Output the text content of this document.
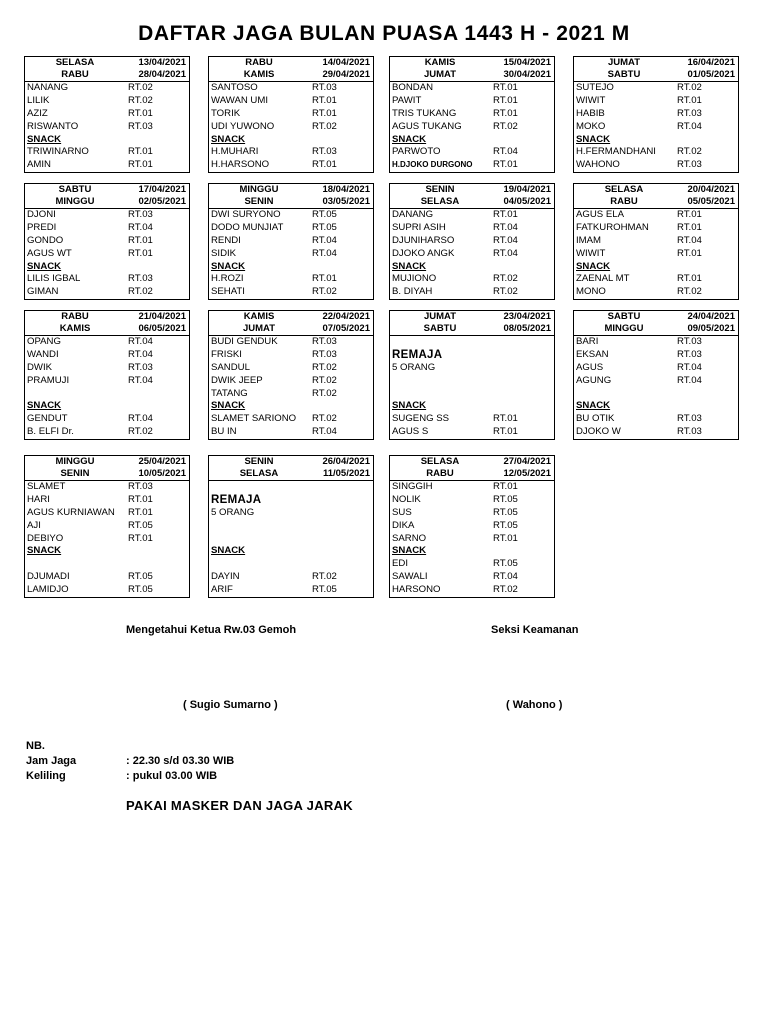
DAFTAR JAGA BULAN PUASA 1443 H - 2021 M
SELASA	13/04/2021
RABU	28/04/2021
NANANG	RT.02
LILIK	RT.02
AZIZ	RT.01
RISWANTO	RT.03
SNACK
TRIWINARNO	RT.01
AMIN	RT.01
RABU	14/04/2021
KAMIS	29/04/2021
SANTOSO	RT.03
WAWAN UMI	RT.01
TORIK	RT.01
UDI YUWONO	RT.02
SNACK
H.MUHARI	RT.03
H.HARSONO	RT.01
KAMIS	15/04/2021
JUMAT	30/04/2021
BONDAN	RT.01
PAWIT	RT.01
TRIS TUKANG	RT.01
AGUS TUKANG	RT.02
SNACK
PARWOTO	RT.04
H.DJOKO DURGONO RT.01
JUMAT	16/04/2021
SABTU	01/05/2021
SUTEJO	RT.02
WIWIT	RT.01
HABIB	RT.03
MOKO	RT.04
SNACK
H.FERMANDHANI RT.02
WAHONO	RT.03
SABTU	17/04/2021
MINGGU	02/05/2021
DJONI	RT.03
PREDI	RT.04
GONDO	RT.01
AGUS WT	RT.01
SNACK
LILIS IGBAL	RT.03
GIMAN	RT.02
MINGGU	18/04/2021
SENIN	03/05/2021
DWI SURYONO	RT.05
DODO MUNJIAT	RT.05
RENDI	RT.04
SIDIK	RT.04
SNACK
H.ROZI	RT.01
SEHATI	RT.02
SENIN	19/04/2021
SELASA	04/05/2021
DANANG	RT.01
SUPRI ASIH	RT.04
DJUNIHARSO	RT.04
DJOKO ANGK	RT.04
SNACK
MUJIONO	RT.02
B. DIYAH	RT.02
SELASA	20/04/2021
RABU	05/05/2021
AGUS ELA	RT.01
FATKUROHMAN	RT.01
IMAM	RT.04
WIWIT	RT.01
SNACK
ZAENAL MT	RT.01
MONO	RT.02
RABU	21/04/2021
KAMIS	06/05/2021
OPANG	RT.04
WANDI	RT.04
DWIK	RT.03
PRAMUJI	RT.04
SNACK
GENDUT	RT.04
B. ELFI Dr.	RT.02
KAMIS	22/04/2021
JUMAT	07/05/2021
BUDI GENDUK	RT.03
FRISKI	RT.03
SANDUL	RT.02
DWIK JEEP	RT.02
TATANG	RT.02
SNACK
SLAMET SARIONO RT.02
BU IN	RT.04
JUMAT	23/04/2021
SABTU	08/05/2021
REMAJA
5 ORANG
SNACK
SUGENG SS	RT.01
AGUS S	RT.01
SABTU	24/04/2021
MINGGU	09/05/2021
BARI	RT.03
EKSAN	RT.03
AGUS	RT.04
AGUNG	RT.04
SNACK
BU OTIK	RT.03
DJOKO W	RT.03
MINGGU	25/04/2021
SENIN	10/05/2021
SLAMET	RT.03
HARI	RT.01
AGUS KURNIAWAN RT.01
AJI	RT.05
DEBIYO	RT.01
SNACK
DJUMADI	RT.05
LAMIDJO	RT.05
SENIN	26/04/2021
SELASA	11/05/2021
REMAJA
5 ORANG
SNACK
DAYIN	RT.02
ARIF	RT.05
SELASA	27/04/2021
RABU	12/05/2021
SINGGIH	RT.01
NOLIK	RT.05
SUS	RT.05
DIKA	RT.05
SARNO	RT.01
SNACK
EDI	RT.05
SAWALI	RT.04
HARSONO	RT.02
Mengetahui Ketua Rw.03 Gemoh	Seksi Keamanan
( Sugio Sumarno )	( Wahono )
NB.
Jam Jaga	: 22.30 s/d 03.30 WIB
Keliling	: pukul 03.00 WIB
PAKAI MASKER DAN JAGA JARAK
